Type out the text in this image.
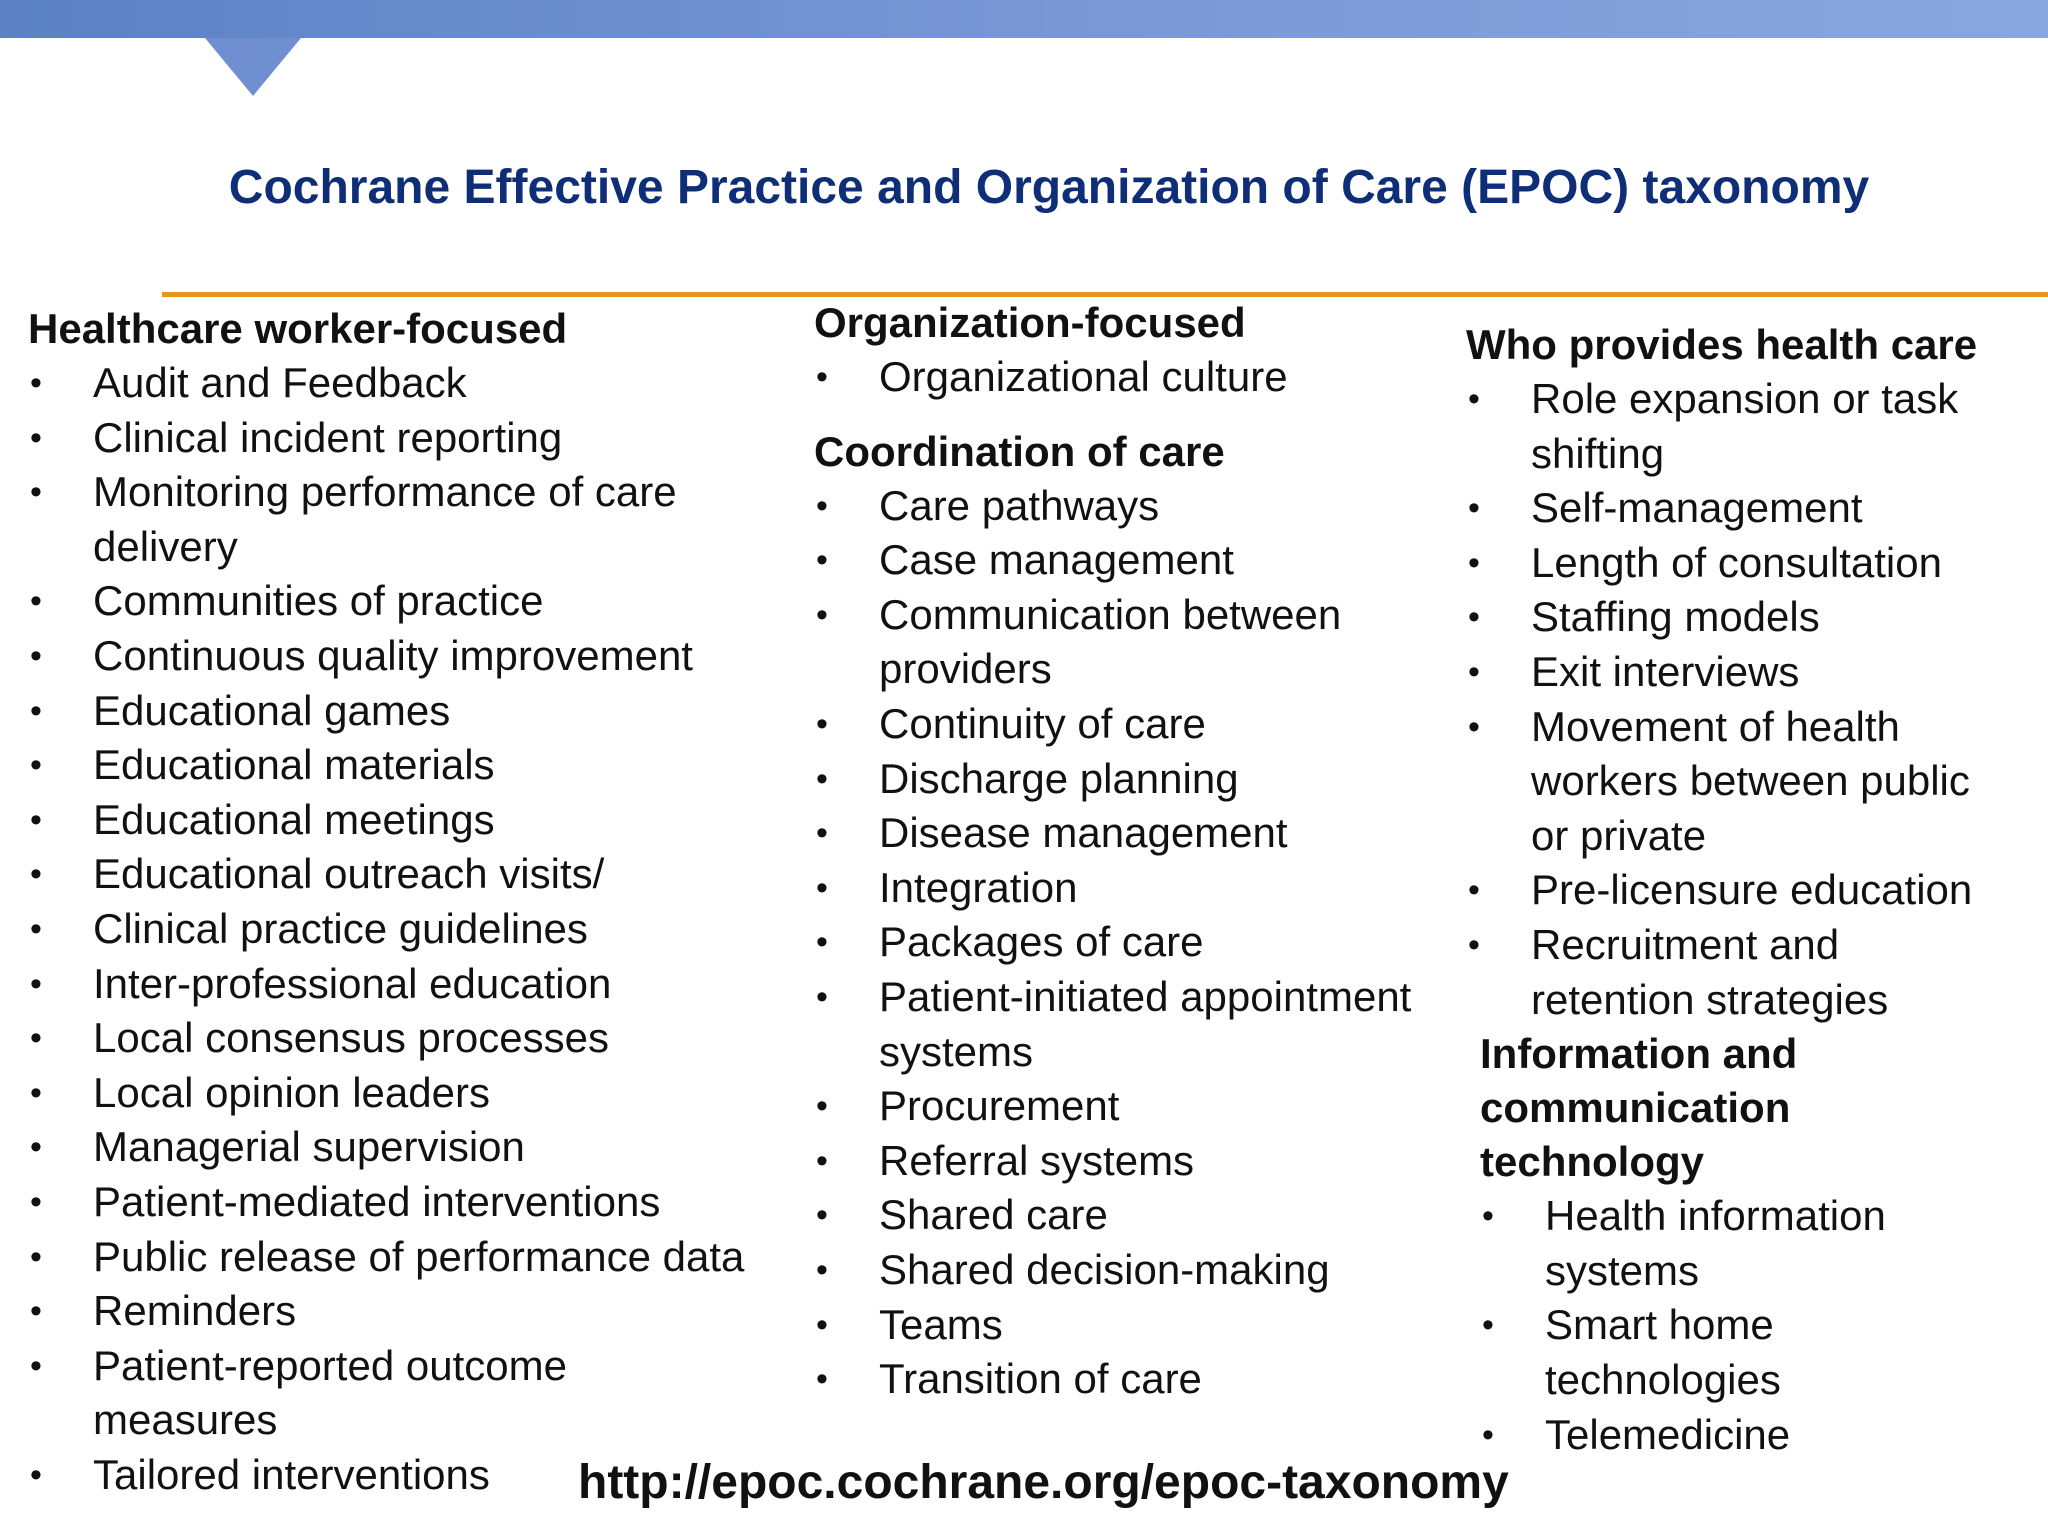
Cochrane Effective Practice and Organization of Care (EPOC) taxonomy
Healthcare worker-focused
• Audit and Feedback
• Clinical incident reporting
• Monitoring performance of care
delivery
• Communities of practice
• Continuous quality improvement
• Educational games
• Educational materials
• Educational meetings
• Educational outreach visits/
• Clinical practice guidelines
• Inter-professional education
• Local consensus processes
• Local opinion leaders
• Managerial supervision
• Patient-mediated interventions
• Public release of performance data
• Reminders
• Patient-reported outcome
measures
• Tailored interventions
Organization-focused
• Organizational culture
Coordination of care
• Care pathways
• Case management
• Communication between
providers
• Continuity of care
• Discharge planning
• Disease management
• Integration
• Packages of care
• Patient-initiated appointment
systems
• Procurement
• Referral systems
• Shared care
• Shared decision-making
• Teams
• Transition of care
Who provides health care
• Role expansion or task
shifting
• Self-management
• Length of consultation
• Staffing models
• Exit interviews
• Movement of health
workers between public
or private
• Pre-licensure education
• Recruitment and
retention strategies
Information and
communication
technology
• Health information
systems
• Smart home
technologies
• Telemedicine
http://epoc.cochrane.org/epoc-taxonomy
